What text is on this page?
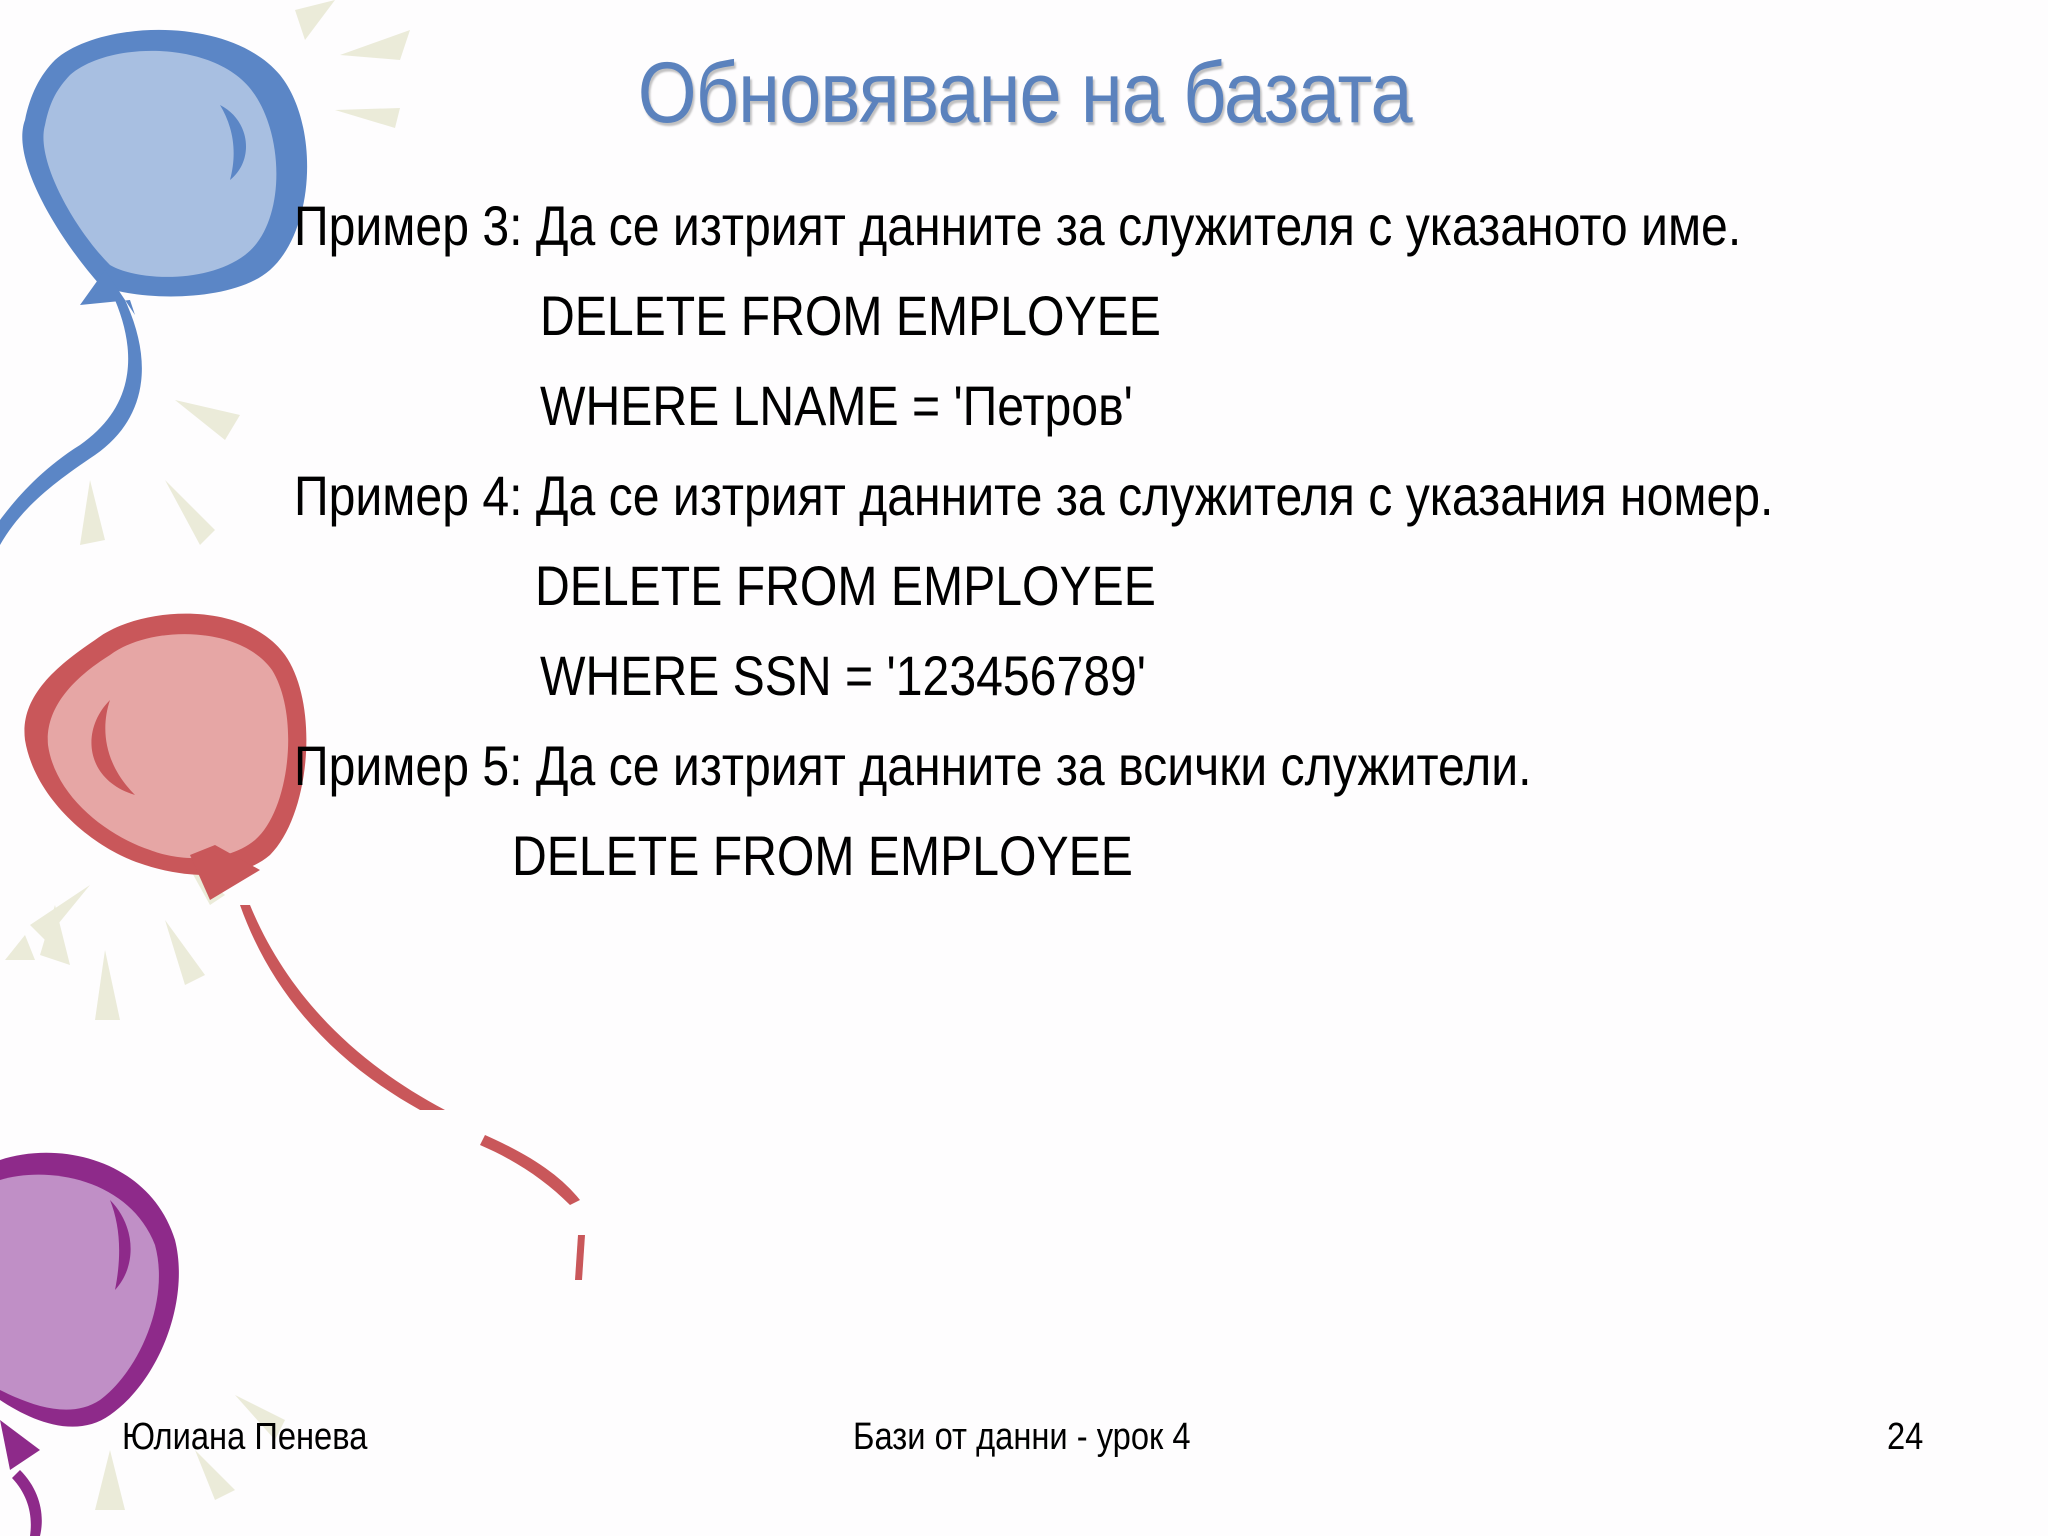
Обновяване на базата
Пример 3: Да се изтрият данните за служителя с указаното име.
DELETE FROM EMPLOYEE
WHERE LNAME = 'Петров'
Пример 4: Да се изтрият данните за служителя с указания номер.
DELETE FROM EMPLOYEE
WHERE SSN = '123456789'
Пример 5: Да се изтрият данните за всички служители.
DELETE FROM EMPLOYEE
Юлиана Пенева	Бази от данни - урок 4	24
